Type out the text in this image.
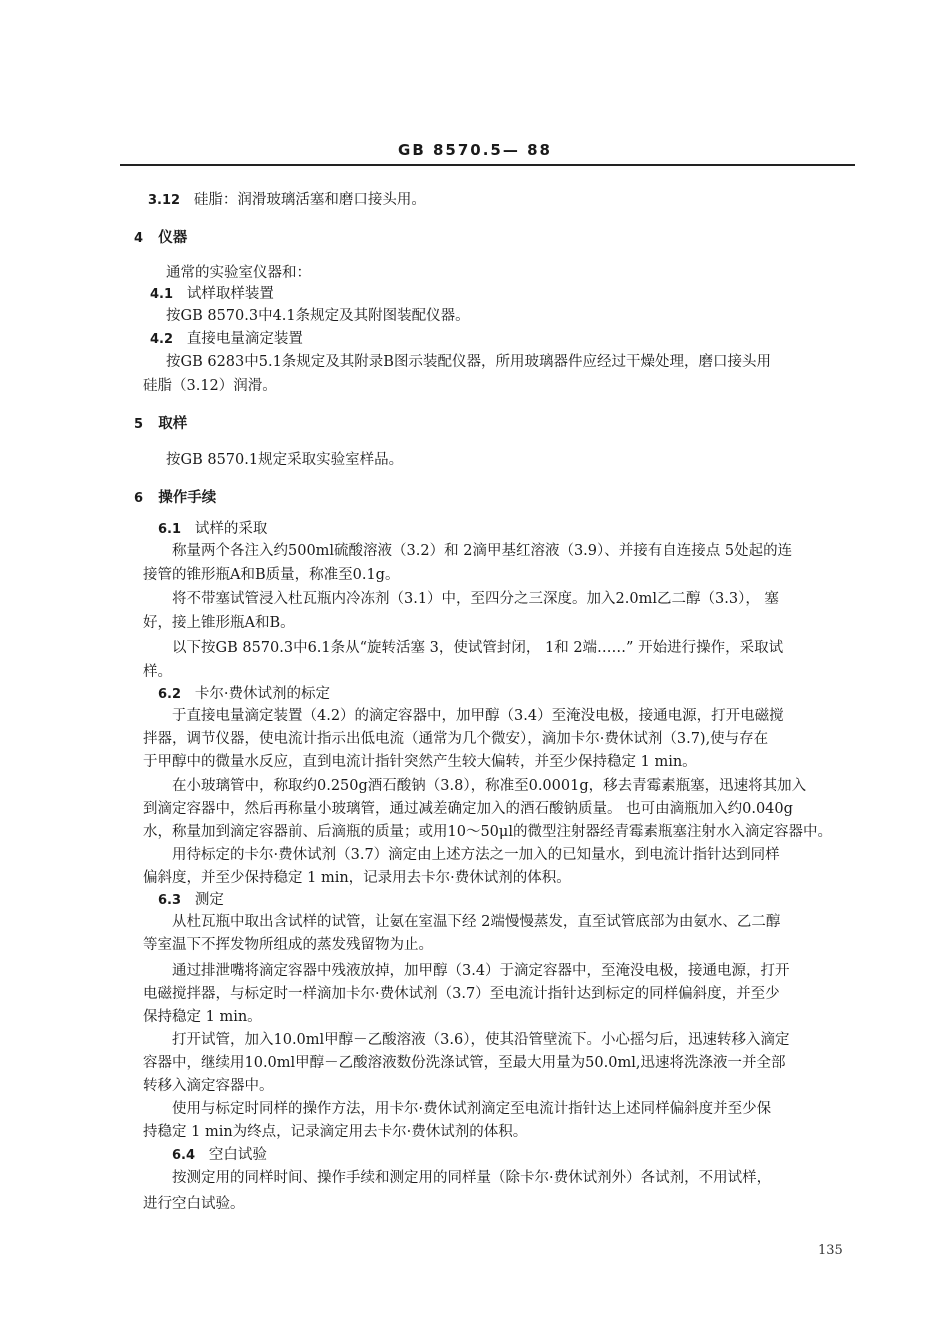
GB 8570.5— 88
3.12 硅脂：润滑玻璃活塞和磨口接头用。
4 仪器
通常的实验室仪器和：
4.1 试样取样装置
按GB 8570.3中4.1条规定及其附图装配仪器。
4.2 直接电量滴定装置
按GB 6283中5.1条规定及其附录B图示装配仪器，所用玻璃器件应经过干燥处理，磨口接头用
硅脂（3.12）润滑。
5 取样
按GB 8570.1规定采取实验室样品。
6 操作手续
6.1 试样的采取
称量两个各注入约500ml硫酸溶液（3.2）和 2滴甲基红溶液（3.9）、并接有自连接点 5处起的连
接管的锥形瓶A和B质量，称准至0.1g。
将不带塞试管浸入杜瓦瓶内冷冻剂（3.1）中，至四分之三深度。加入2.0ml乙二醇（3.3）， 塞
好，接上锥形瓶A和B。
以下按GB 8570.3中6.1条从“旋转活塞 3，使试管封闭， 1和 2端……” 开始进行操作，采取试
样。
6.2 卡尔·费休试剂的标定
于直接电量滴定装置（4.2）的滴定容器中，加甲醇（3.4）至淹没电极，接通电源，打开电磁搅
拌器，调节仪器，使电流计指示出低电流（通常为几个微安），滴加卡尔·费休试剂（3.7),使与存在
于甲醇中的微量水反应，直到电流计指针突然产生较大偏转，并至少保持稳定 1 min。
在小玻璃管中，称取约0.250g酒石酸钠（3.8），称准至0.0001g，移去青霉素瓶塞，迅速将其加入
到滴定容器中，然后再称量小玻璃管，通过减差确定加入的酒石酸钠质量。 也可由滴瓶加入约0.040g
水，称量加到滴定容器前、后滴瓶的质量；或用10～50μl的微型注射器经青霉素瓶塞注射水入滴定容器中。
用待标定的卡尔·费休试剂（3.7）滴定由上述方法之一加入的已知量水，到电流计指针达到同样
偏斜度，并至少保持稳定 1 min，记录用去卡尔·费休试剂的体积。
6.3 测定
从杜瓦瓶中取出含试样的试管，让氨在室温下经 2端慢慢蒸发，直至试管底部为由氨水、乙二醇
等室温下不挥发物所组成的蒸发残留物为止。
通过排泄嘴将滴定容器中残液放掉，加甲醇（3.4）于滴定容器中，至淹没电极，接通电源，打开
电磁搅拌器，与标定时一样滴加卡尔·费休试剂（3.7）至电流计指针达到标定的同样偏斜度，并至少
保持稳定 1 min。
打开试管，加入10.0ml甲醇－乙酸溶液（3.6），使其沿管壁流下。小心摇匀后，迅速转移入滴定
容器中，继续用10.0ml甲醇－乙酸溶液数份洗涤试管，至最大用量为50.0ml,迅速将洗涤液一并全部
转移入滴定容器中。
使用与标定时同样的操作方法，用卡尔·费休试剂滴定至电流计指针达上述同样偏斜度并至少保
持稳定 1 min为终点，记录滴定用去卡尔·费休试剂的体积。
6.4 空白试验
按测定用的同样时间、操作手续和测定用的同样量（除卡尔·费休试剂外）各试剂，不用试样，
进行空白试验。
135
